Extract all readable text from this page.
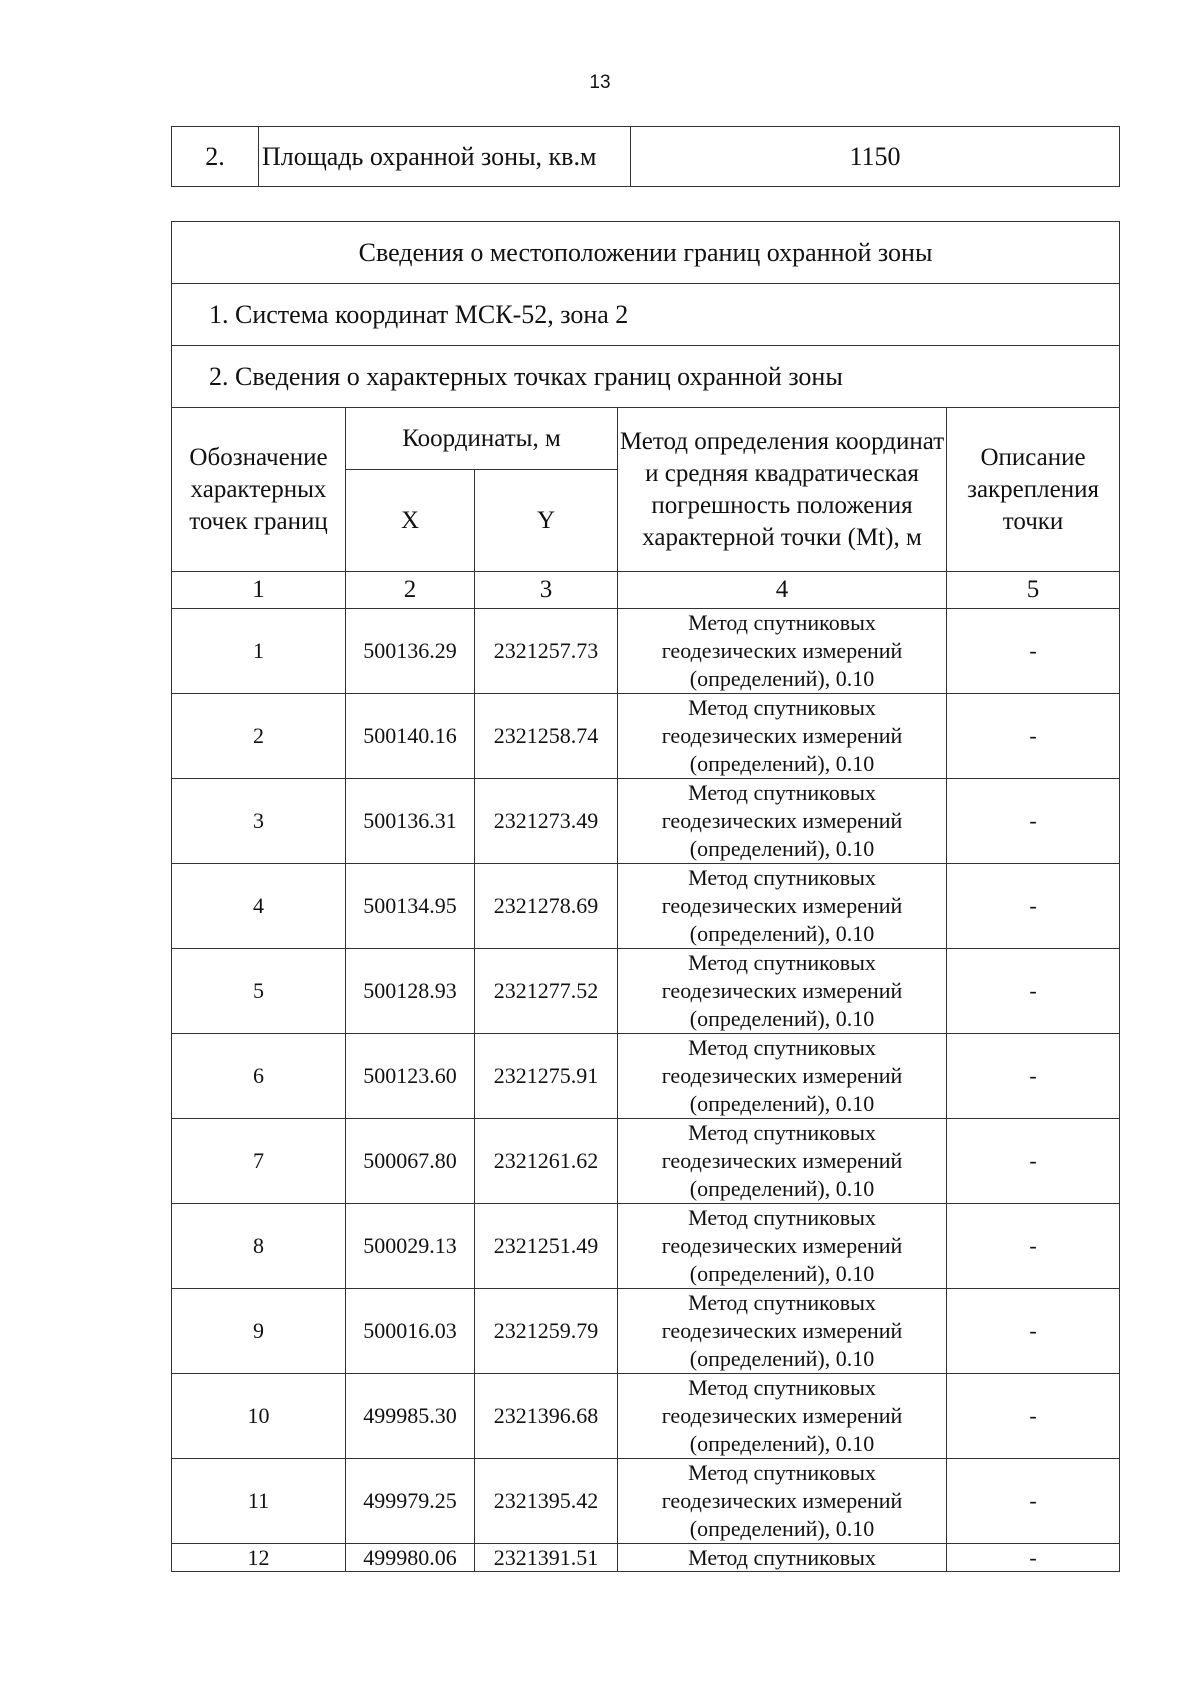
13
2.	Площадь охранной зоны, кв.м	1150
Сведения о местоположении границ охранной зоны				
1. Система координат МСК-52, зона 2				
2. Сведения о характерных точках границ охранной зоны				
Обозначение характерных точек границ	Координаты, м		Метод определения координат и средняя квадратическая погрешность положения характерной точки (Mt), м	Описание закрепления точки
	X	Y		
1	2	3	4	5
1	500136.29	2321257.73	Метод спутниковых геодезических измерений (определений), 0.10	-
2	500140.16	2321258.74	Метод спутниковых геодезических измерений (определений), 0.10	-
3	500136.31	2321273.49	Метод спутниковых геодезических измерений (определений), 0.10	-
4	500134.95	2321278.69	Метод спутниковых геодезических измерений (определений), 0.10	-
5	500128.93	2321277.52	Метод спутниковых геодезических измерений (определений), 0.10	-
6	500123.60	2321275.91	Метод спутниковых геодезических измерений (определений), 0.10	-
7	500067.80	2321261.62	Метод спутниковых геодезических измерений (определений), 0.10	-
8	500029.13	2321251.49	Метод спутниковых геодезических измерений (определений), 0.10	-
9	500016.03	2321259.79	Метод спутниковых геодезических измерений (определений), 0.10	-
10	499985.30	2321396.68	Метод спутниковых геодезических измерений (определений), 0.10	-
11	499979.25	2321395.42	Метод спутниковых геодезических измерений (определений), 0.10	-
12	499980.06	2321391.51	Метод спутниковых	-
